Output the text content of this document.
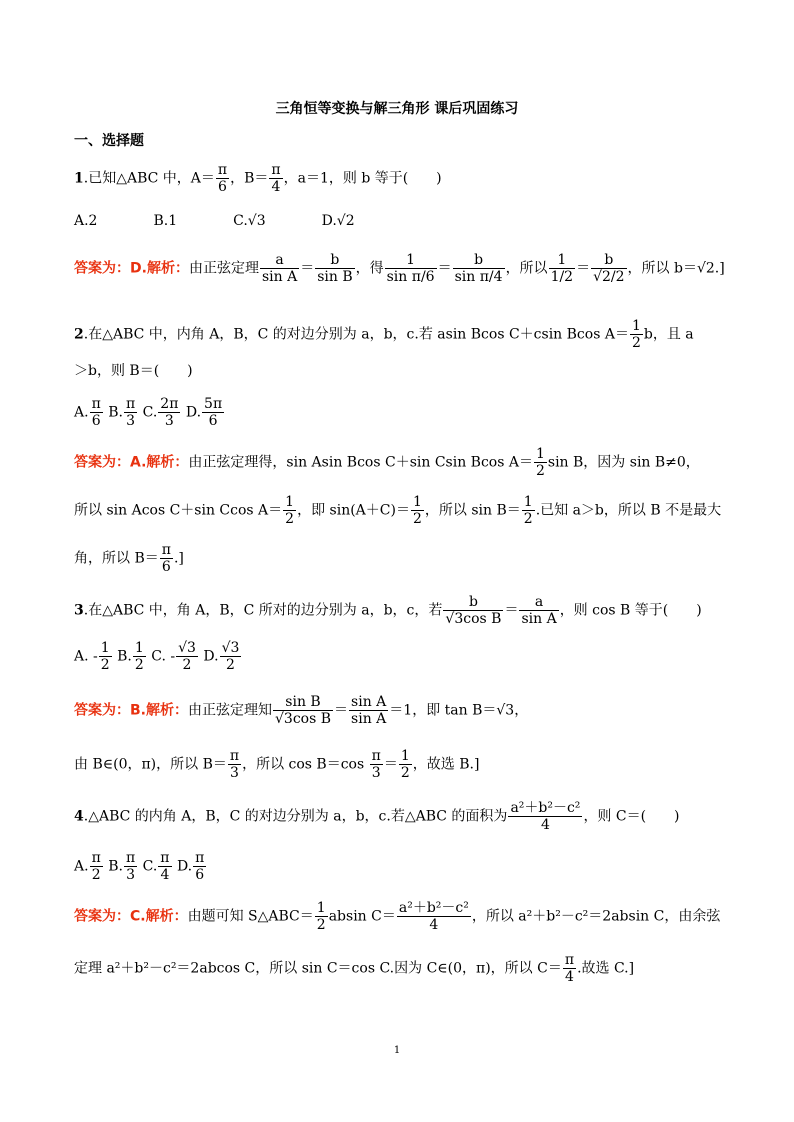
三角恒等变换与解三角形 课后巩固练习
一、选择题
1.已知△ABC 中，$A= \frac{\pi}{6}$ ，$B= \frac{\pi}{4}$ ，a＝1，则 b 等于(　　)
A.2　　　　B.1　　　　C.√3　　　　D.√2
答案为：D.解析：由正弦定理 $\frac{a}{\text{sin A}} = \frac{b}{\text{sin B}}$ ，得 $\frac{1}{\text{sin π/6}} = \frac{b}{\text{sin π/4}}$ ，所以 $\frac{1}{1/2} = \frac{b}{√2/2}$ ，所以 b＝√2.]
2.在△ABC 中，内角 A，B，C 的对边分别为 a，b，c.若 asin Bcos C＋csin Bcos $A= \frac{1}{2}$ b，且 a
＞b，则 B＝(　　)
A. $\frac{\pi}{6} B$. $\frac{\pi}{3} C$. $\frac{2\pi}{3} D$. $\frac{5\pi}{6}$
答案为：A.解析：由正弦定理得，sin Asin Bcos C＋sin Csin Bcos $A= \frac{1}{2}$ sin B，因为 sin B≠0，
所以 sin Acos C＋sin Ccos $A= \frac{1}{2}$ ，即 $\sin(A+C)= \frac{1}{2}$ ，所以 $\sin B= \frac{1}{2}$ .已知 a＞b，所以 B 不是最大
角，所以 $B= \frac{\pi}{6}$ .]
3.在△ABC 中，角 A，B，C 所对的边分别为 a，b，c，若 $\frac{b}{\text{√3cos B}} = \frac{a}{\text{sin A}}$ ，则 cos B 等于(　　)
A. - $\frac{1}{2} B$. $\frac{1}{2} C$. - $\frac{√3}{2} D$. $\frac{√3}{2}$
答案为：B.解析：由正弦定理知 $\frac{\text{sin B}}{\text{√3cos B}} = \frac{\text{sin A}}{\text{sin A}} =1$，即 tan B＝√3，
由 B∈(0，π)，所以 $B= \frac{\pi}{3}$ ，所以 $\cos B=\cos \frac{\pi}{3} = \frac{1}{2}$ ，故选 B.]
4.△ABC 的内角 A，B，C 的对边分别为 a，b，c.若△ABC 的面积为 $\frac{\text{a²＋b²－c²}}{4}$ ，则 C＝(　　)
A. $\frac{\pi}{2} B$. $\frac{\pi}{3} C$. $\frac{\pi}{4} D$. $\frac{\pi}{6}$
答案为：C.解析：由题可知 S△ABC＝ $\frac{1}{2}$ absin $C= \frac{\text{a²＋b²－c²}}{4}$ ，所以 a²＋b²－c²＝2absin C，由余弦
定理 a²＋b²－c²＝2abcos C，所以 sin C＝cos C.因为 C∈(0，π)，所以 $C= \frac{\pi}{4}$ .故选 C.]
1
